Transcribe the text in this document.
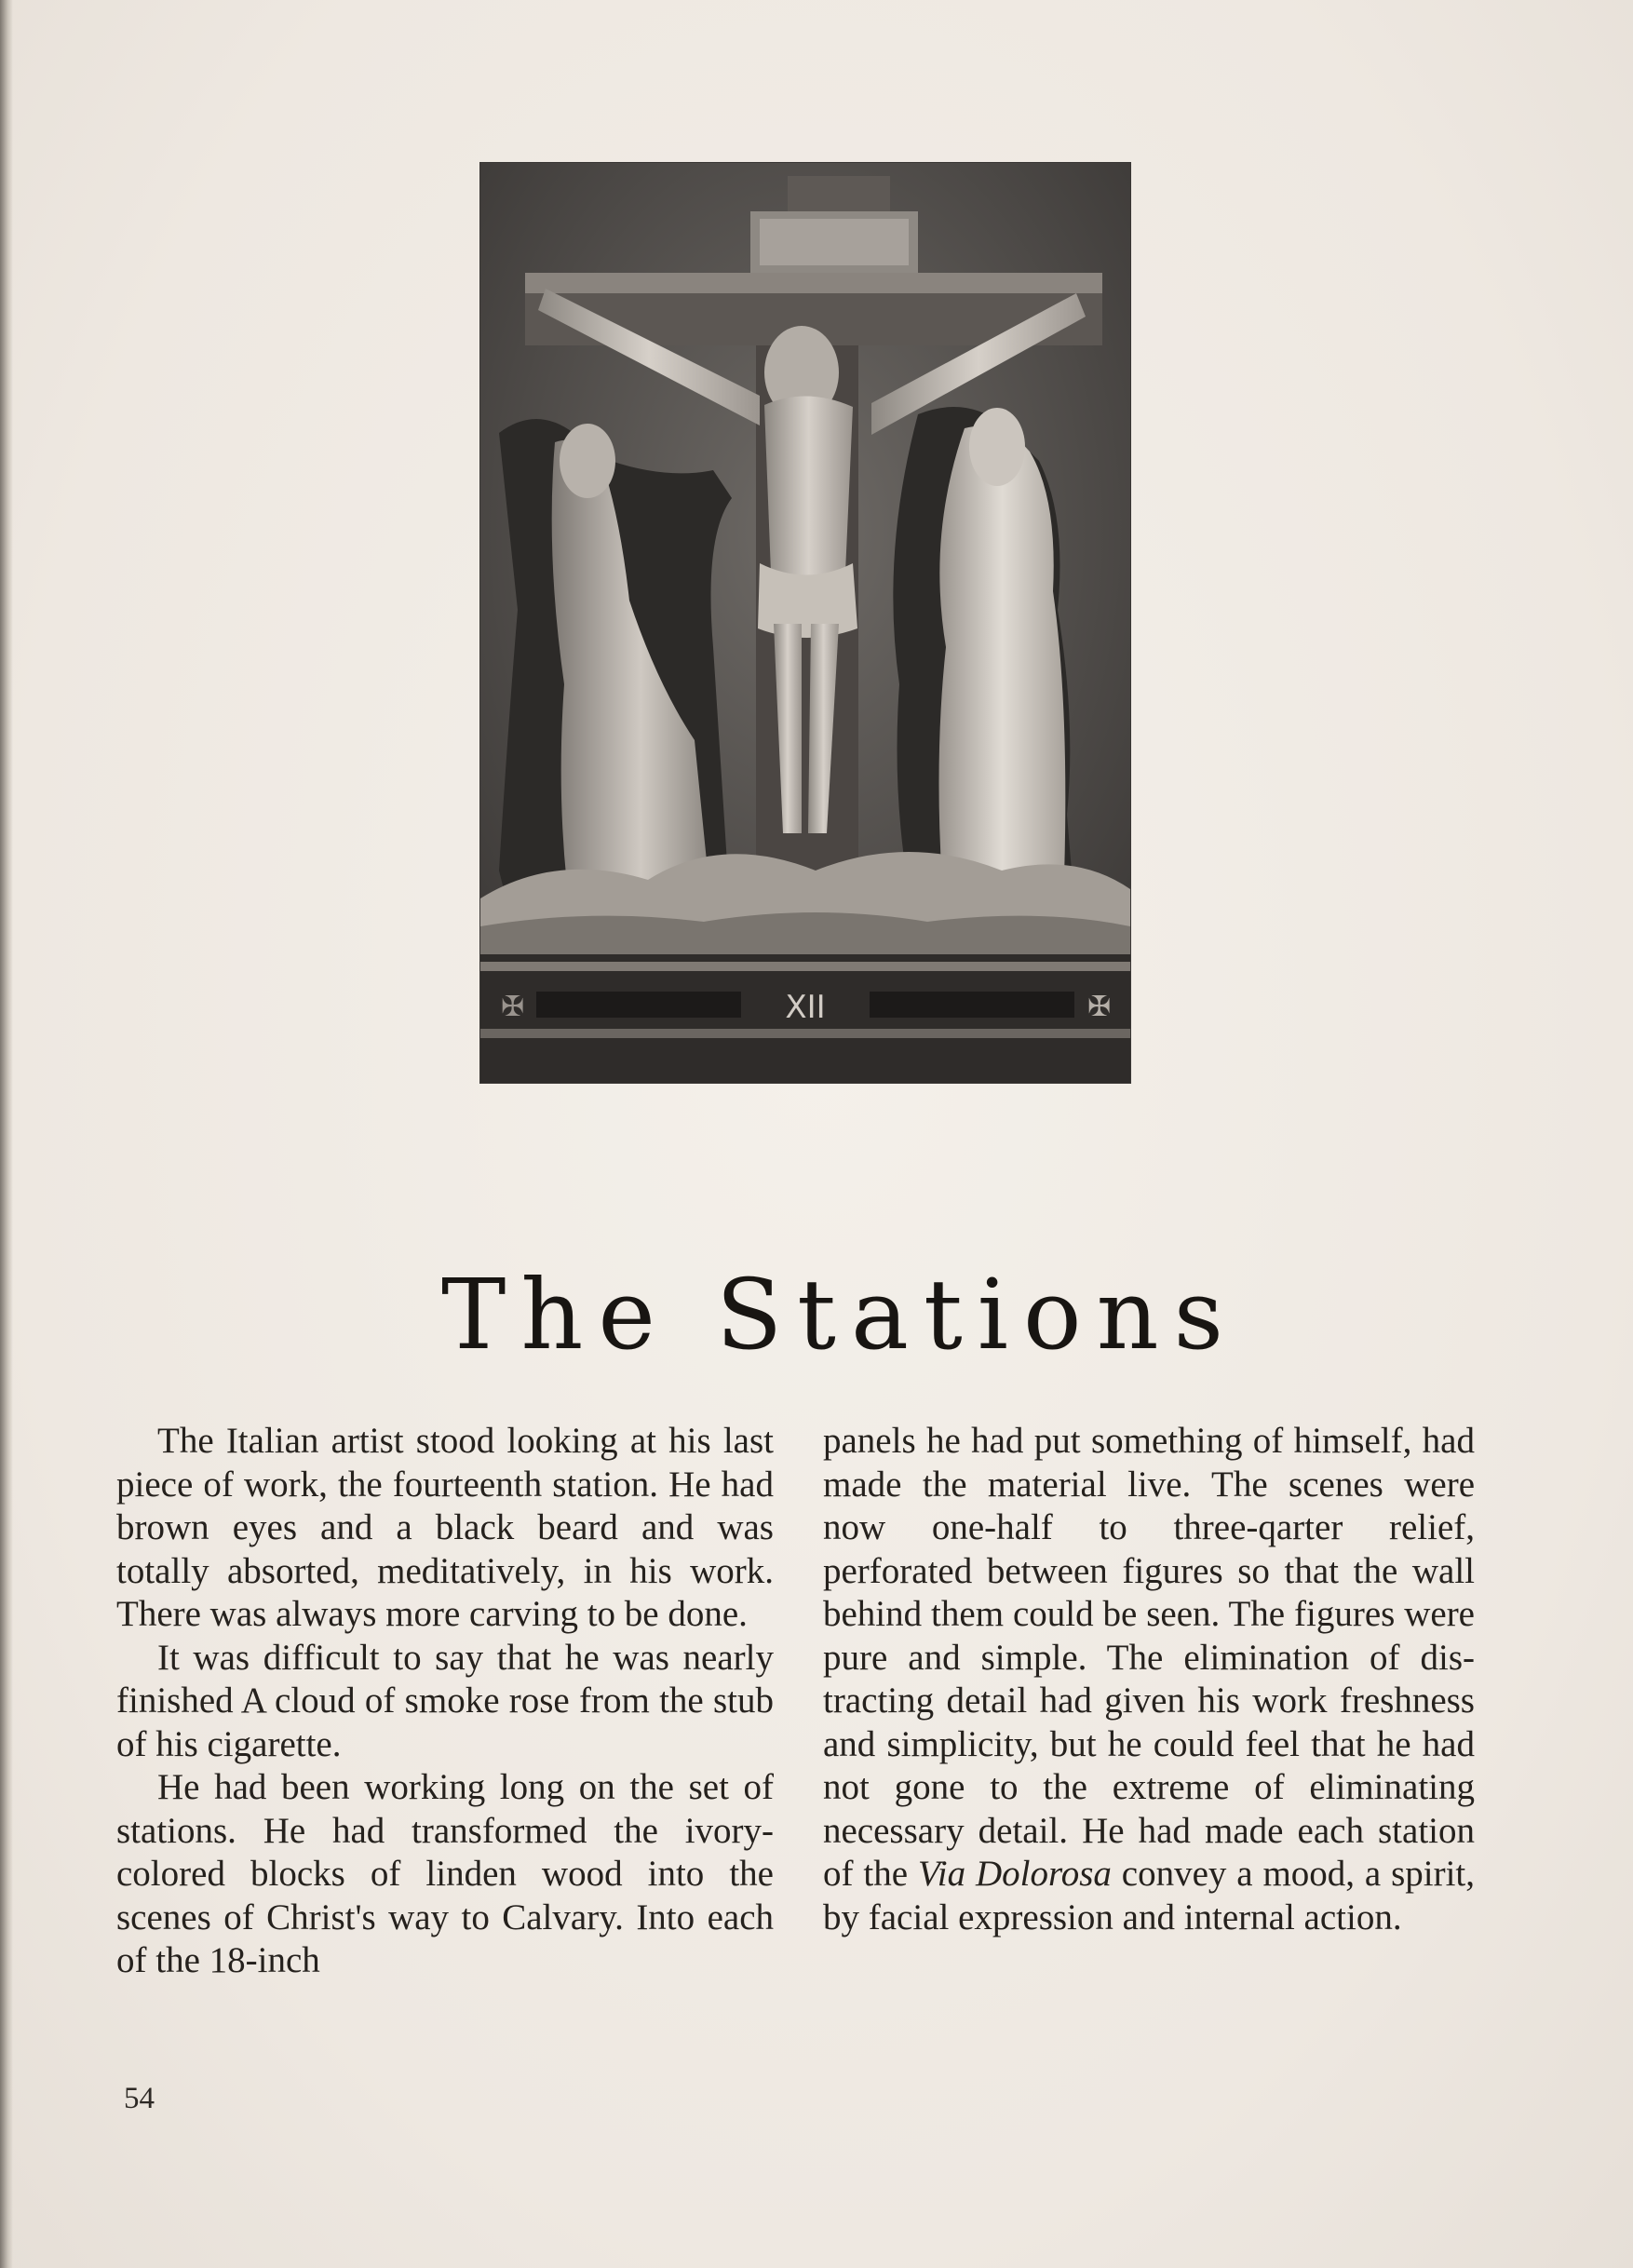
✠	✠
XII
The Stations

The Italian artist stood looking at his last piece of work, the fourteenth station. He had brown eyes and a black beard and was totally absorted, meditatively, in his work. There was always more carving to be done.

It was difficult to say that he was nearly finished A cloud of smoke rose from the stub of his cigarette.

He had been working long on the set of stations. He had transformed the ivory-colored blocks of linden wood into the scenes of Christ's way to Calvary. Into each of the 18-inch

panels he had put something of himself, had made the material live. The scenes were now one-half to three-qarter relief, perforated between figures so that the wall behind them could be seen. The figures were pure and simple. The elimination of distracting detail had given his work freshness and simplicity, but he could feel that he had not gone to the extreme of eliminating necessary detail. He had made each station of the Via Dolorosa convey a mood, a spirit, by facial expression and internal action.

54
